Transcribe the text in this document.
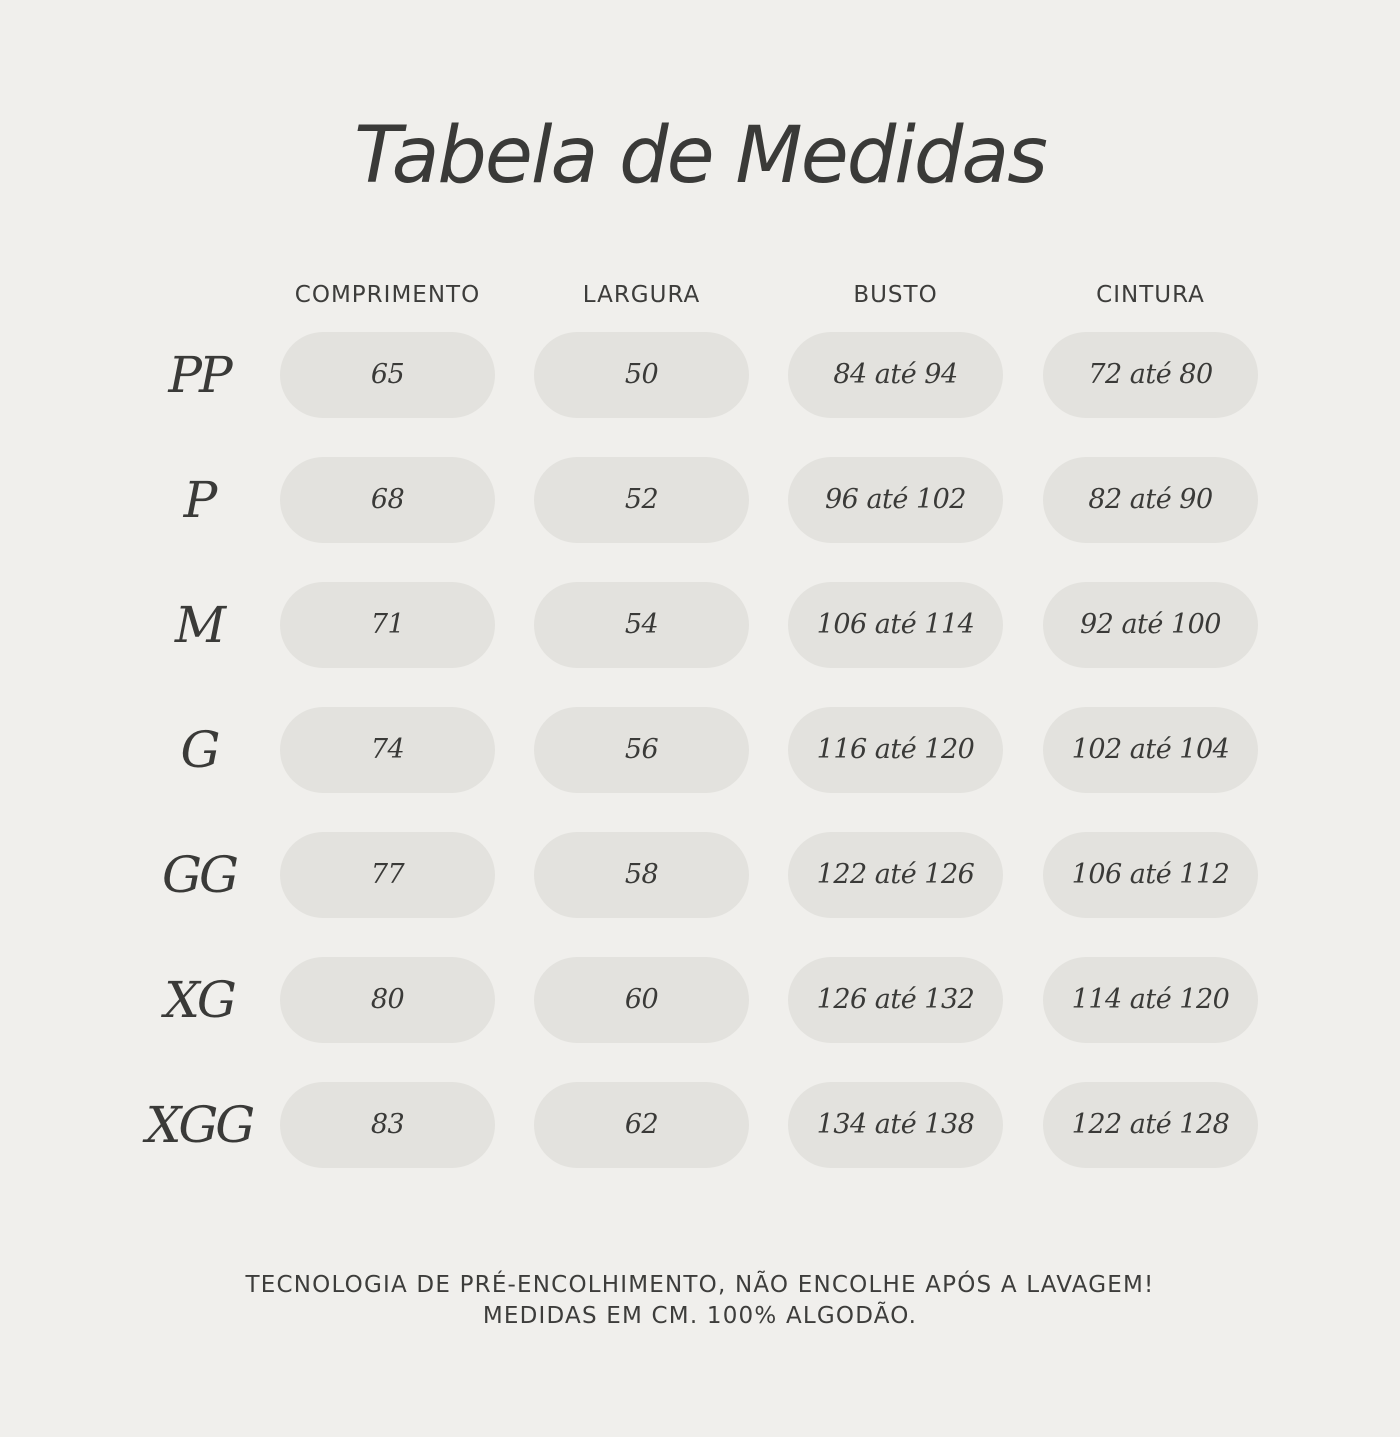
Tabela de Medidas
COMPRIMENTO	LARGURA	BUSTO	CINTURA
PP	65	50	84 até 94	72 até 80
P	68	52	96 até 102	82 até 90
M	71	54	106 até 114	92 até 100
G	74	56	116 até 120	102 até 104
GG	77	58	122 até 126	106 até 112
XG	80	60	126 até 132	114 até 120
XGG	83	62	134 até 138	122 até 128
TECNOLOGIA DE PRÉ-ENCOLHIMENTO, NÃO ENCOLHE APÓS A LAVAGEM!
MEDIDAS EM CM. 100% ALGODÃO.
